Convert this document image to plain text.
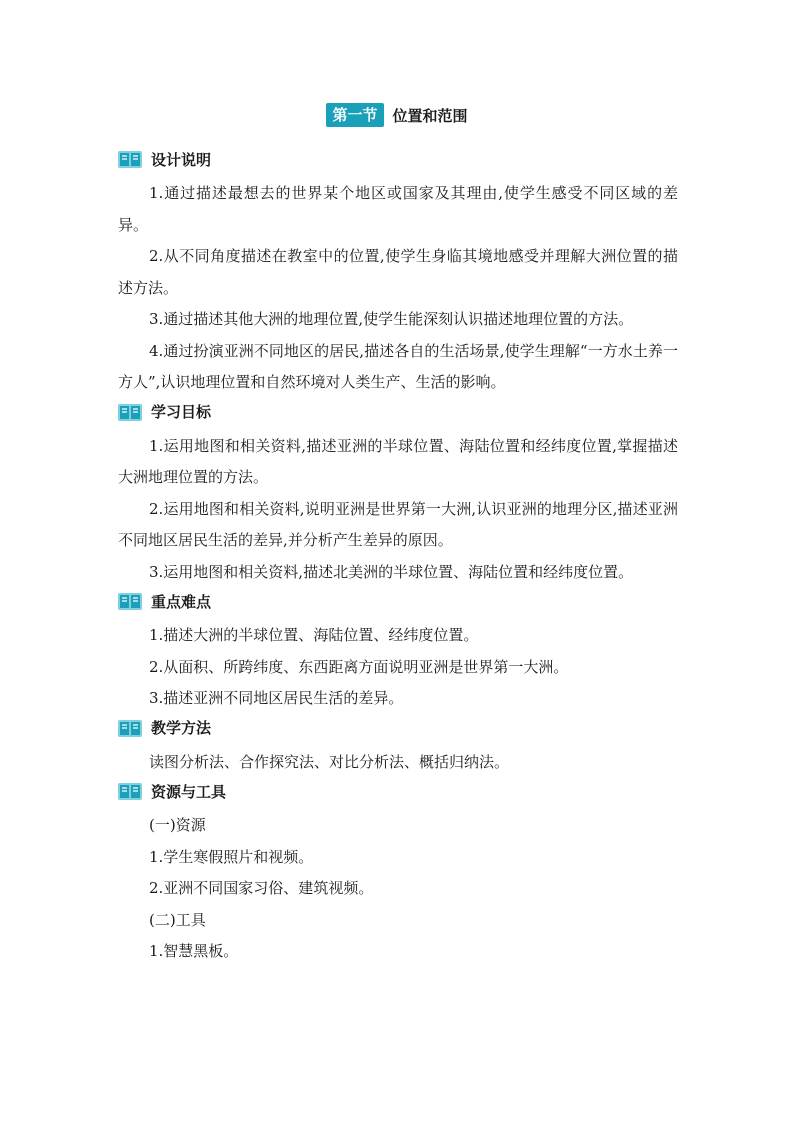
第一节	位置和范围
设计说明

1.通过描述最想去的世界某个地区或国家及其理由,使学生感受不同区域的差异。

2.从不同角度描述在教室中的位置,使学生身临其境地感受并理解大洲位置的描述方法。

3.通过描述其他大洲的地理位置,使学生能深刻认识描述地理位置的方法。

4.通过扮演亚洲不同地区的居民,描述各自的生活场景,使学生理解“一方水土养一方人”,认识地理位置和自然环境对人类生产、生活的影响。

学习目标

1.运用地图和相关资料,描述亚洲的半球位置、海陆位置和经纬度位置,掌握描述大洲地理位置的方法。

2.运用地图和相关资料,说明亚洲是世界第一大洲,认识亚洲的地理分区,描述亚洲不同地区居民生活的差异,并分析产生差异的原因。

3.运用地图和相关资料,描述北美洲的半球位置、海陆位置和经纬度位置。

重点难点

1.描述大洲的半球位置、海陆位置、经纬度位置。

2.从面积、所跨纬度、东西距离方面说明亚洲是世界第一大洲。

3.描述亚洲不同地区居民生活的差异。

教学方法

读图分析法、合作探究法、对比分析法、概括归纳法。

资源与工具

(一)资源

1.学生寒假照片和视频。

2.亚洲不同国家习俗、建筑视频。

(二)工具

1.智慧黑板。
